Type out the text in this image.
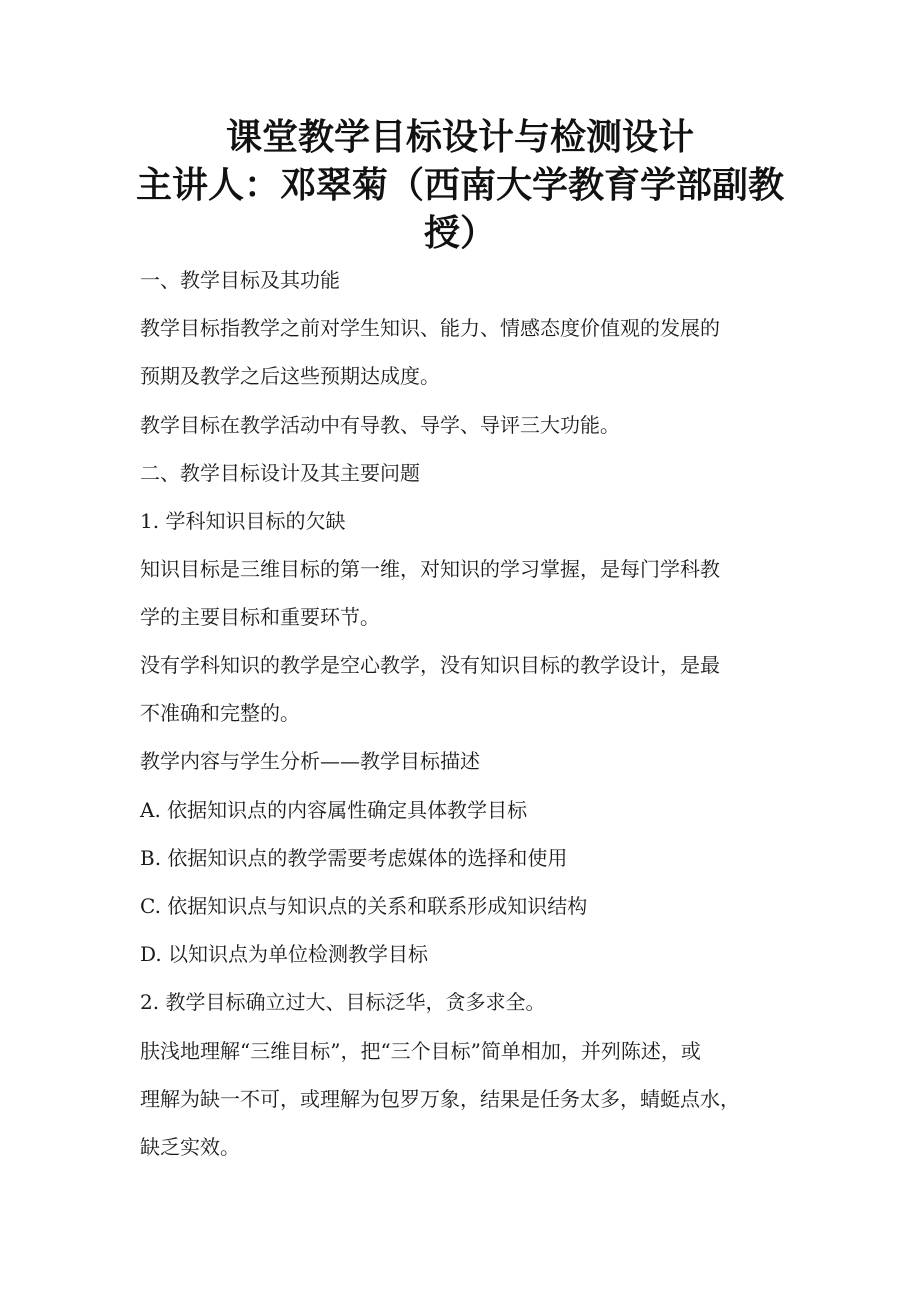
课堂教学目标设计与检测设计
主讲人：邓翠菊（西南大学教育学部副教
授）
一、教学目标及其功能
教学目标指教学之前对学生知识、能力、情感态度价值观的发展的
预期及教学之后这些预期达成度。
教学目标在教学活动中有导教、导学、导评三大功能。
二、教学目标设计及其主要问题
1. 学科知识目标的欠缺
知识目标是三维目标的第一维，对知识的学习掌握，是每门学科教
学的主要目标和重要环节。
没有学科知识的教学是空心教学，没有知识目标的教学设计，是最
不准确和完整的。
教学内容与学生分析——教学目标描述
A. 依据知识点的内容属性确定具体教学目标
B. 依据知识点的教学需要考虑媒体的选择和使用
C. 依据知识点与知识点的关系和联系形成知识结构
D. 以知识点为单位检测教学目标
2. 教学目标确立过大、目标泛华，贪多求全。
肤浅地理解“三维目标”，把“三个目标”简单相加，并列陈述，或
理解为缺一不可，或理解为包罗万象，结果是任务太多，蜻蜓点水，
缺乏实效。
